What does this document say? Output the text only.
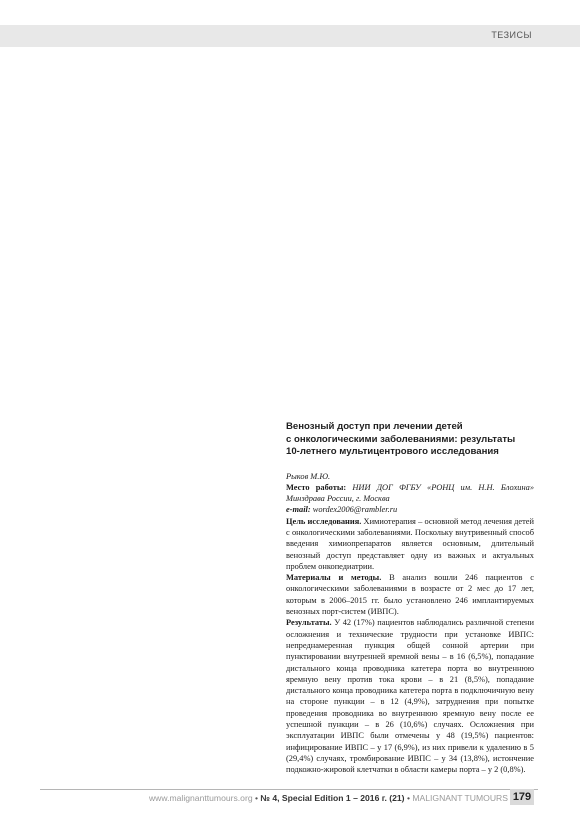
ТЕЗИСЫ
Венозный доступ при лечении детей
с онкологическими заболеваниями: результаты
10-летнего мультицентрового исследования

Рыков М.Ю.

Место работы: НИИ ДОГ ФГБУ «РОНЦ им. Н.Н. Блохина» Минздрава России, г. Москва

e-mail: wordex2006@rambler.ru

Цель исследования. Химиотерапия – основной метод лечения детей с онкологическими заболеваниями. Поскольку внутривенный способ введения химиопрепаратов является основным, длительный венозный доступ представляет одну из важных и актуальных проблем онкопедиатрии.

Материалы и методы. В анализ вошли 246 пациентов с онкологическими заболеваниями в возрасте от 2 мес до 17 лет, которым в 2006–2015 гг. было установлено 246 имплантируемых венозных порт-систем (ИВПС).

Результаты. У 42 (17%) пациентов наблюдались различной степени осложнения и технические трудности при установке ИВПС: непреднамеренная пункция общей сонной артерии при пунктировании внутренней яремной вены – в 16 (6,5%), попадание дистального конца проводника катетера порта во внутреннюю яремную вену против тока крови – в 21 (8,5%), попадание дистального конца проводника катетера порта в подключичную вену на стороне пункции – в 12 (4,9%), затруднения при попытке проведения проводника во внутреннюю яремную вену после ее успешной пункции – в 26 (10,6%) случаях. Осложнения при эксплуатации ИВПС были отмечены у 48 (19,5%) пациентов: инфицирование ИВПС – у 17 (6,9%), из них привели к удалению в 5 (29,4%) случаях, тромбирование ИВПС – у 34 (13,8%), истончение подкожно-жировой клетчатки в области камеры порта – у 2 (0,8%).

www.malignanttumours.org • № 4, Special Edition 1 – 2016 г. (21) • MALIGNANT TUMOURS 179
